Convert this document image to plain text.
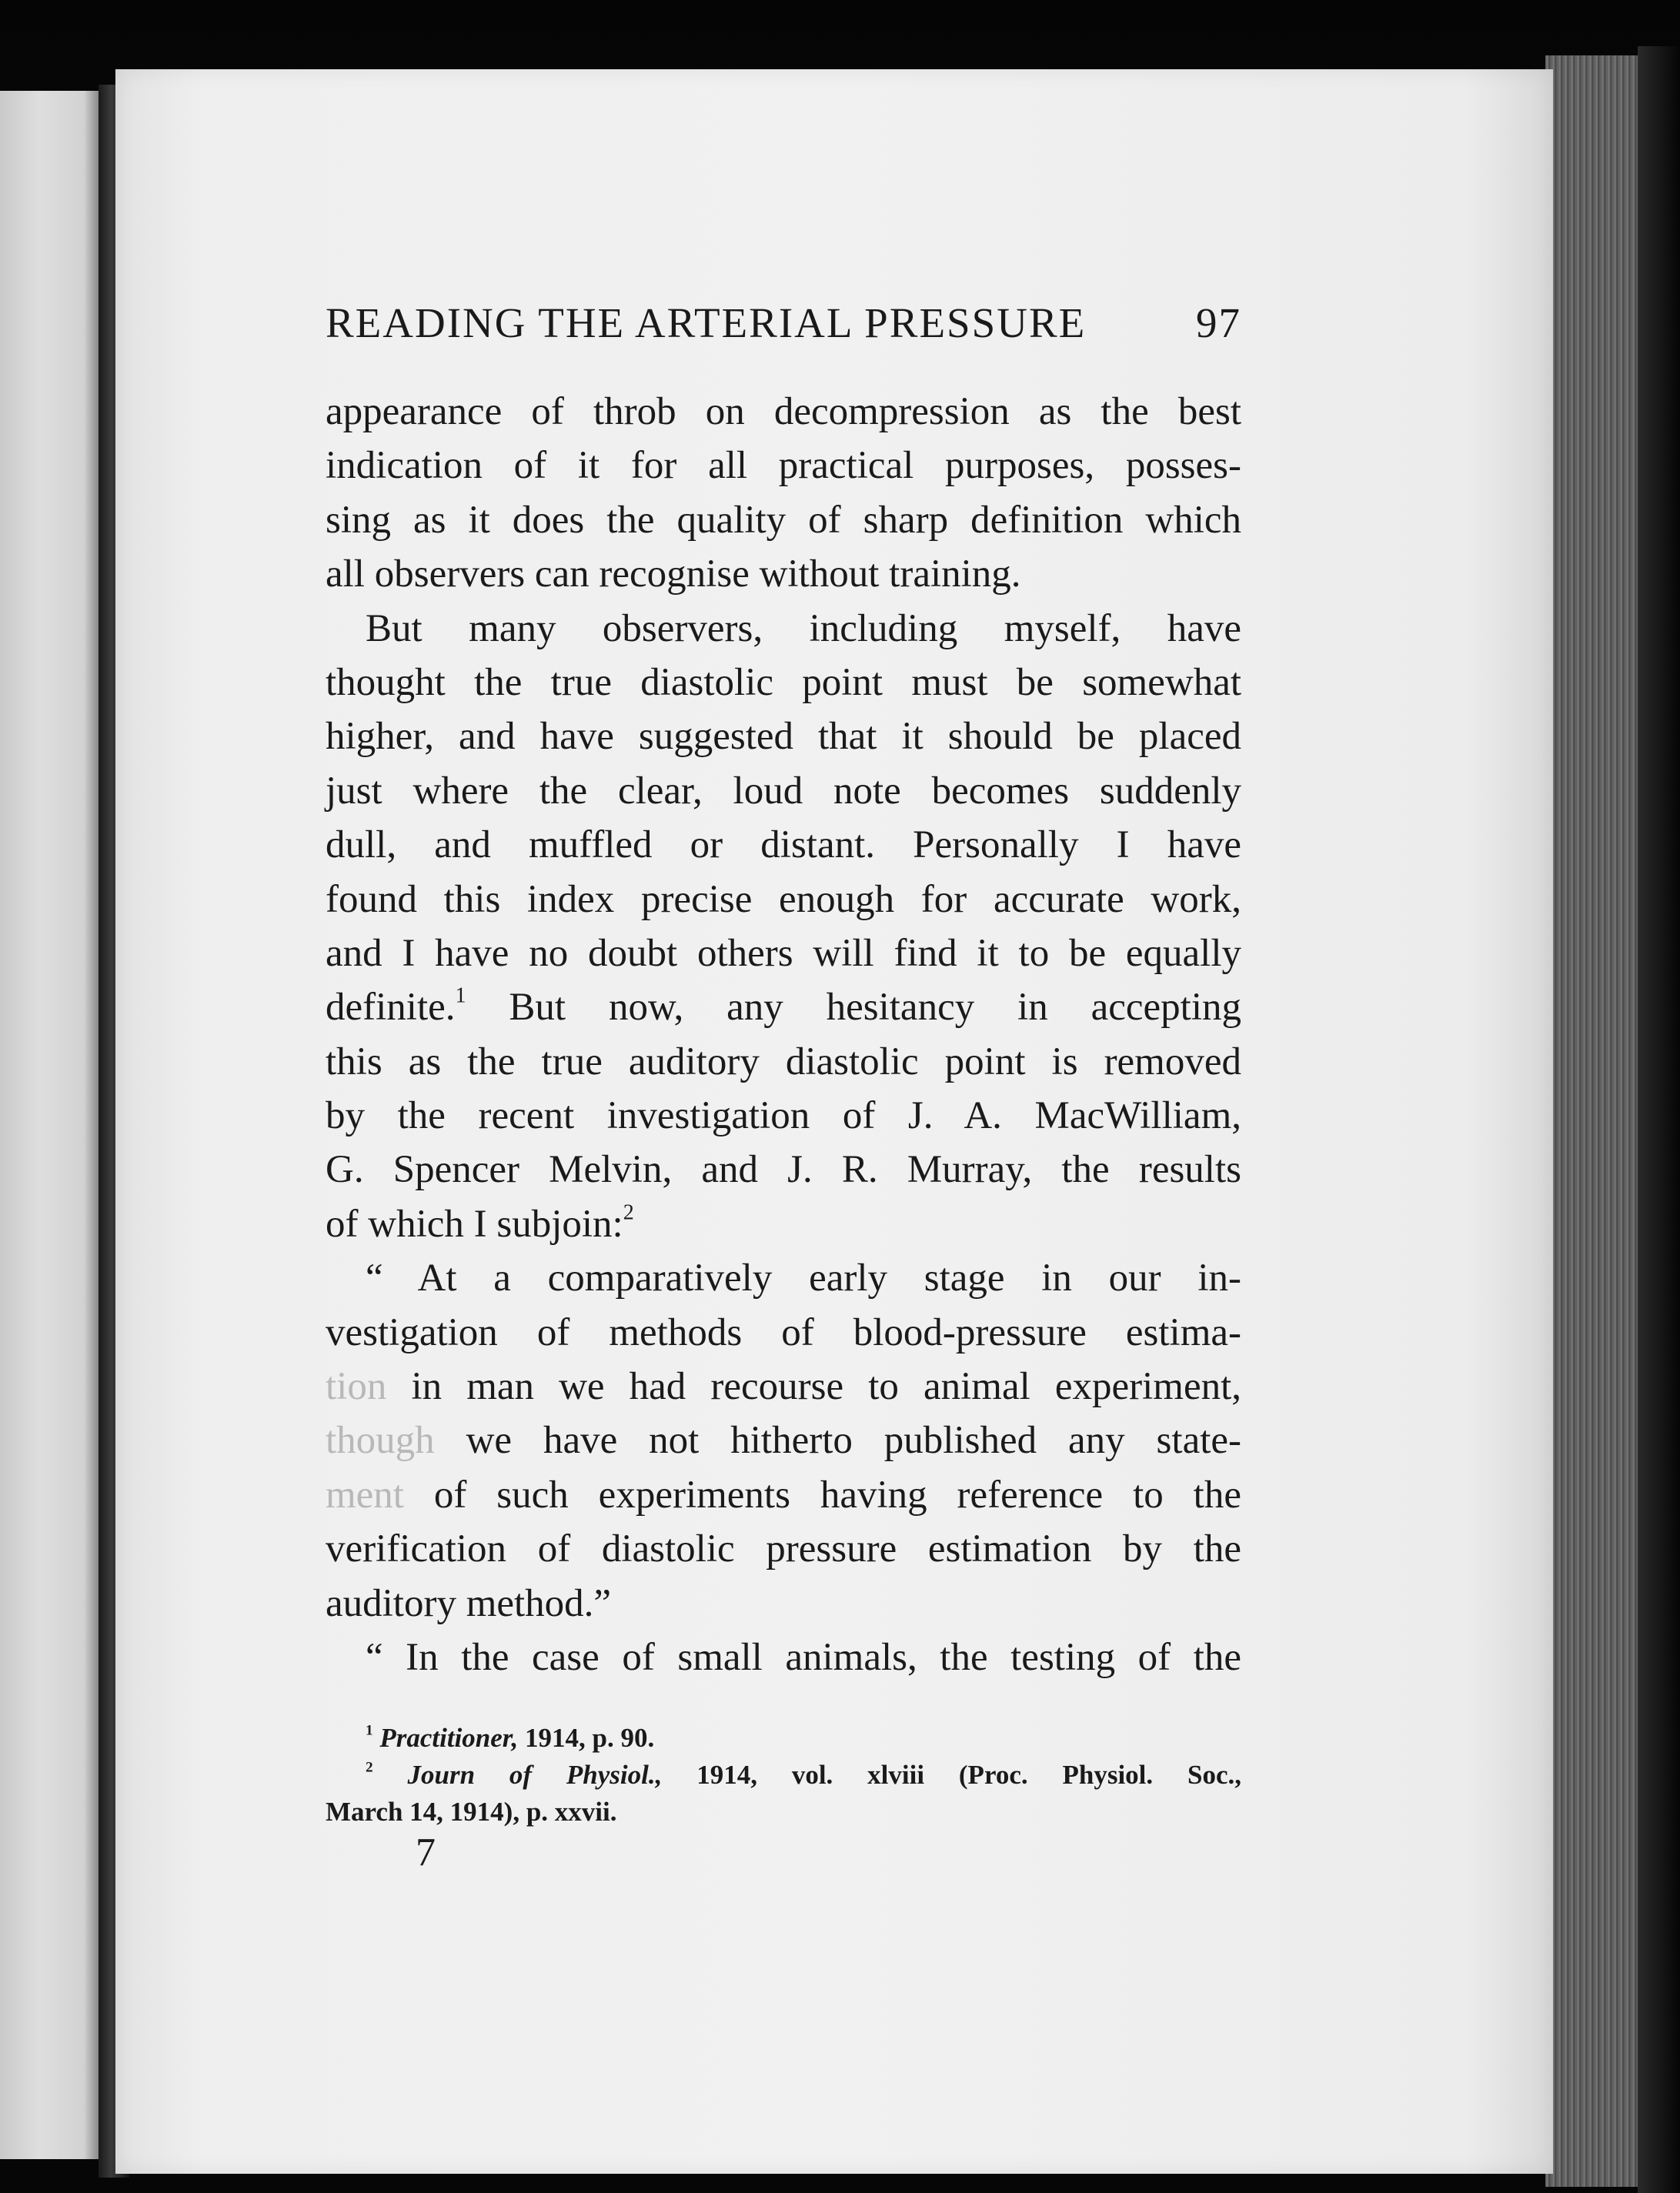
READING THE ARTERIAL PRESSURE	97
appearance of throb on decompression as the best
indication of it for all practical purposes, posses-
sing as it does the quality of sharp definition which
all observers can recognise without training.
But many observers, including myself, have
thought the true diastolic point must be somewhat
higher, and have suggested that it should be placed
just where the clear, loud note becomes suddenly
dull, and muffled or distant. Personally I have
found this index precise enough for accurate work,
and I have no doubt others will find it to be equally
definite.$^1$ But now, any hesitancy in accepting
this as the true auditory diastolic point is removed
by the recent investigation of J. A. MacWilliam,
G. Spencer Melvin, and J. R. Murray, the results
of which I subjoin:$^2$
“ At a comparatively early stage in our in-
vestigation of methods of blood-pressure estima-
tion in man we had recourse to animal experiment,
though we have not hitherto published any state-
ment of such experiments having reference to the
verification of diastolic pressure estimation by the
auditory method.”
“ In the case of small animals, the testing of the
$^1$ Practitioner, 1914, p. 90.
$^2$ Journ of Physiol., 1914, vol. xlviii (Proc. Physiol. Soc.,
March 14, 1914), p. xxvii.
7
